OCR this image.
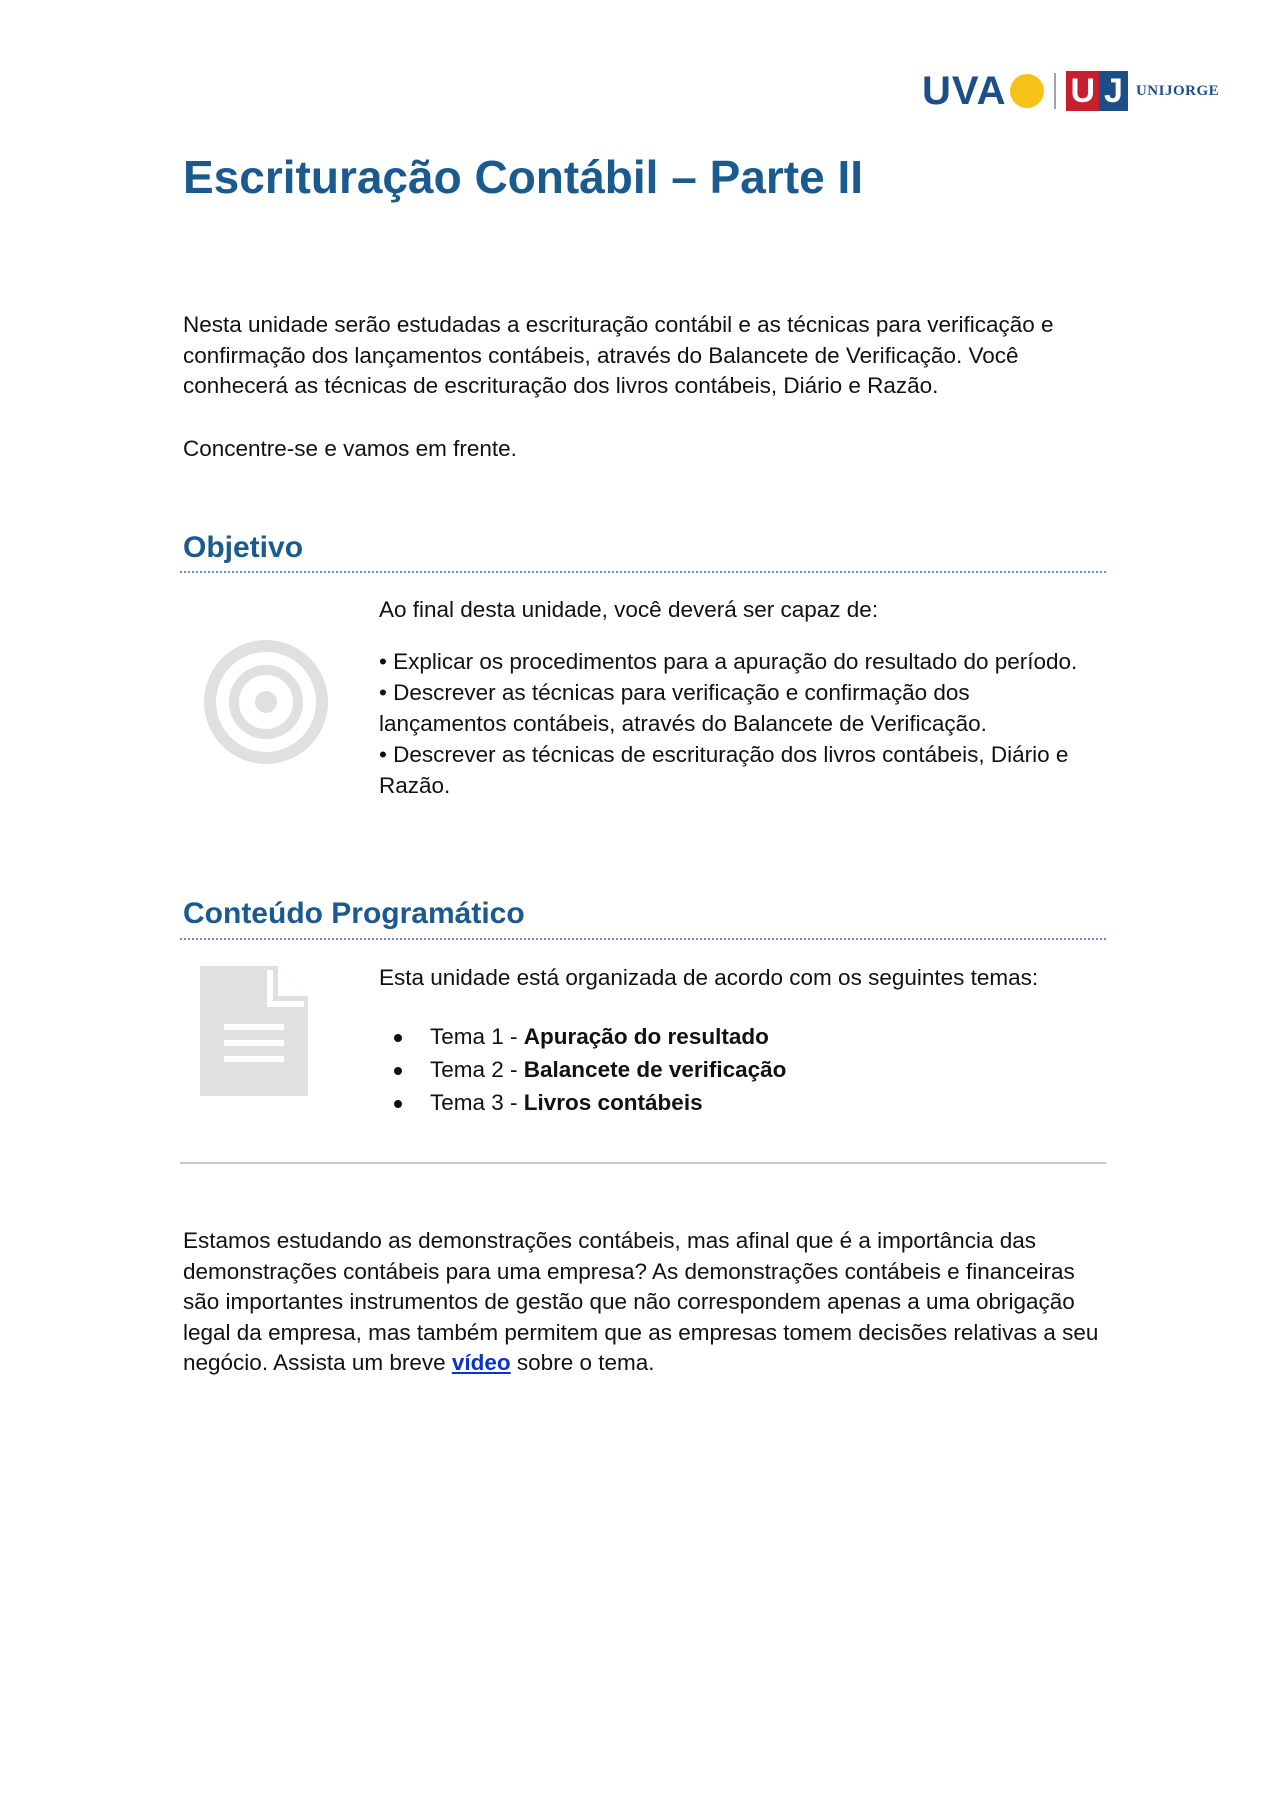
UVA U J UNIJORGE
Escrituração Contábil – Parte II

Nesta unidade serão estudadas a escrituração contábil e as técnicas para verificação e confirmação dos lançamentos contábeis, através do Balancete de Verificação. Você conhecerá as técnicas de escrituração dos livros contábeis, Diário e Razão.

Concentre-se e vamos em frente.

Objetivo
Ao final desta unidade, você deverá ser capaz de:
• Explicar os procedimentos para a apuração do resultado do período.
• Descrever as técnicas para verificação e confirmação dos lançamentos contábeis, através do Balancete de Verificação.
• Descrever as técnicas de escrituração dos livros contábeis, Diário e Razão.
Conteúdo Programático
Esta unidade está organizada de acordo com os seguintes temas:
Tema 1 - Apuração do resultado
Tema 2 - Balancete de verificação
Tema 3 - Livros contábeis

Estamos estudando as demonstrações contábeis, mas afinal que é a importância das demonstrações contábeis para uma empresa? As demonstrações contábeis e financeiras são importantes instrumentos de gestão que não correspondem apenas a uma obrigação legal da empresa, mas também permitem que as empresas tomem decisões relativas a seu negócio. Assista um breve vídeo sobre o tema.
